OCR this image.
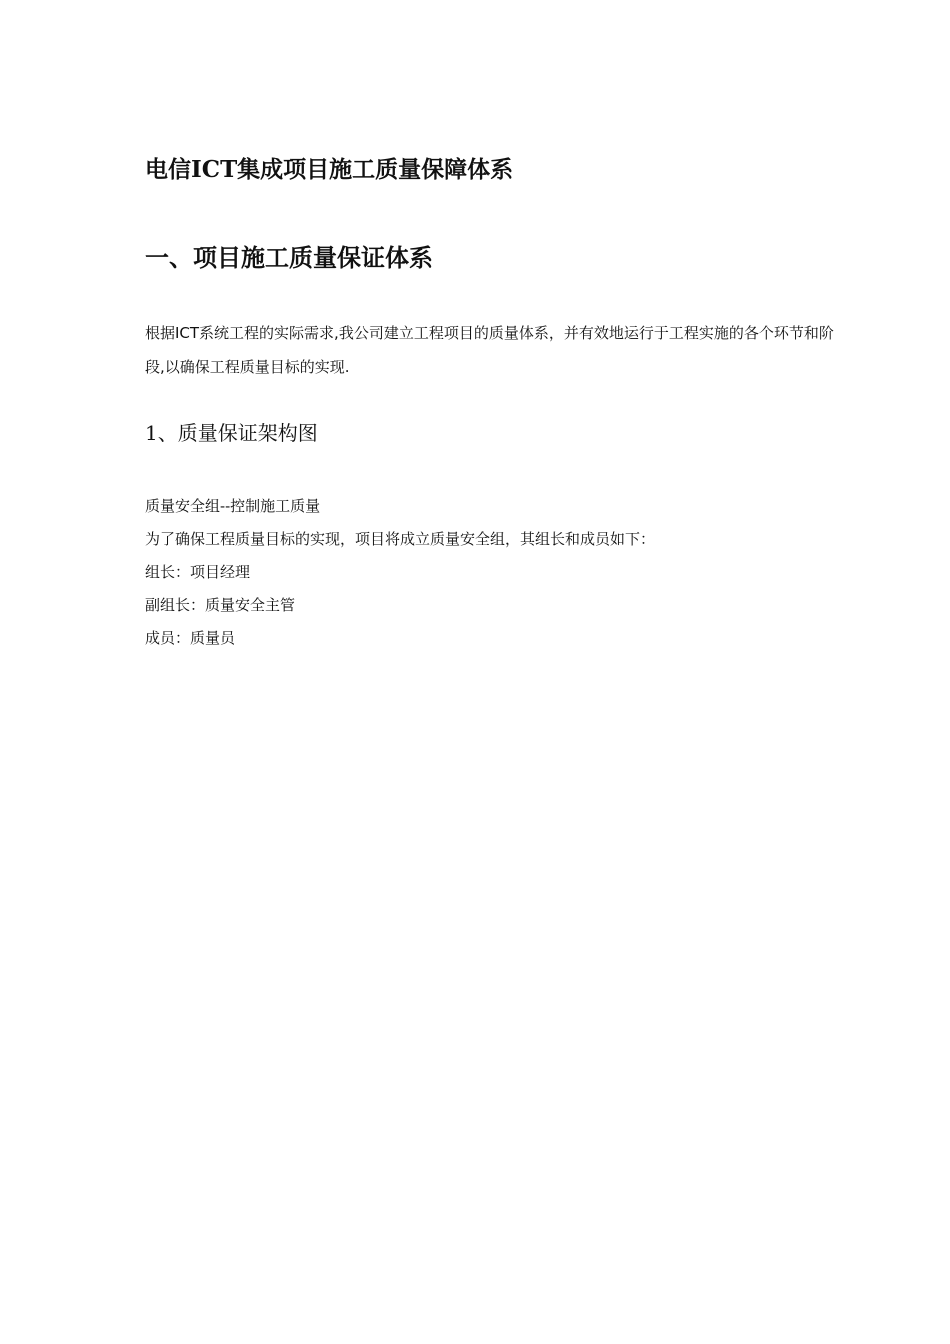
电信ICT集成项目施工质量保障体系
一、项目施工质量保证体系

根据ICT系统工程的实际需求,我公司建立工程项目的质量体系，并有效地运行于工程实施的各个环节和阶段,以确保工程质量目标的实现.

1、质量保证架构图

质量安全组--控制施工质量

为了确保工程质量目标的实现，项目将成立质量安全组，其组长和成员如下：

组长：项目经理

副组长：质量安全主管

成员：质量员
